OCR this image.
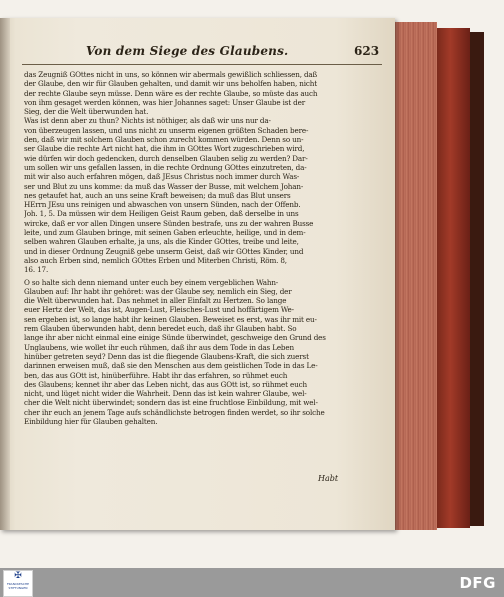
Von dem Siege des Glaubens.	623
das Zeugniß GOttes nicht in uns, so können wir abermals gewißlich schliessen, daß
der Glaube, den wir für Glauben gehalten, und damit wir uns beholfen haben, nicht
der rechte Glaube seyn müsse. Denn wäre es der rechte Glaube, so müste das auch
von ihm gesaget werden können, was hier Johannes saget: Unser Glaube ist der
Sieg, der die Welt überwunden hat.
Was ist denn aber zu thun? Nichts ist nöthiger, als daß wir uns nur da-
von überzeugen lassen, und uns nicht zu unserm eigenen größten Schaden bere-
den, daß wir mit solchem Glauben schon zurecht kommen würden. Denn so un-
ser Glaube die rechte Art nicht hat, die ihm in GOttes Wort zugeschrieben wird,
wie dürfen wir doch gedencken, durch denselben Glauben selig zu werden? Dar-
um sollen wir uns gefallen lassen, in die rechte Ordnung GOttes einzutreten, da-
mit wir also auch erfahren mögen, daß JEsus Christus noch immer durch Was-
ser und Blut zu uns komme: da muß das Wasser der Busse, mit welchem Johan-
nes getaufet hat, auch an uns seine Kraft beweisen; da muß das Blut unsers
HErrn JEsu uns reinigen und abwaschen von unsern Sünden, nach der Offenb.
Joh. 1, 5. Da müssen wir dem Heiligen Geist Raum geben, daß derselbe in uns
wircke, daß er vor allen Dingen unsere Sünden bestrafe, uns zu der wahren Busse
leite, und zum Glauben bringe, mit seinen Gaben erleuchte, heilige, und in dem-
selben wahren Glauben erhalte, ja uns, als die Kinder GOttes, treibe und leite,
und in dieser Ordnung Zeugniß gebe unserm Geist, daß wir GOttes Kinder, und
also auch Erben sind, nemlich GOttes Erben und Miterben Christi, Röm. 8,
16. 17.
O so halte sich denn niemand unter euch bey einem vergeblichen Wahn-
Glauben auf: Ihr habt ihr gehöret: was der Glaube sey, nemlich ein Sieg, der
die Welt überwunden hat. Das nehmet in aller Einfalt zu Hertzen. So lange
euer Hertz der Welt, das ist, Augen-Lust, Fleisches-Lust und hoffärtigem We-
sen ergeben ist, so lange habt ihr keinen Glauben. Beweiset es erst, was ihr mit eu-
rem Glauben überwunden habt, denn beredet euch, daß ihr Glauben habt. So
lange ihr aber nicht einmal eine einige Sünde überwindet, geschweige den Grund des
Unglaubens, wie wollet ihr euch rühmen, daß ihr aus dem Tode in das Leben
hinüber getreten seyd? Denn das ist die fliegende Glaubens-Kraft, die sich zuerst
darinnen erweisen muß, daß sie den Menschen aus dem geistlichen Tode in das Le-
ben, das aus GOtt ist, hinüberführe. Habt ihr das erfahren, so rühmet euch
des Glaubens; kennet ihr aber das Leben nicht, das aus GOtt ist, so rühmet euch
nicht, und lüget nicht wider die Wahrheit. Denn das ist kein wahrer Glaube, wel-
cher die Welt nicht überwindet; sondern das ist eine fruchtlose Einbildung, mit wel-
cher ihr euch an jenem Tage aufs schändlichste betrogen finden werdet, so ihr solche
Einbildung hier für Glauben gehalten.
Habt
✠
FRANCKESCHE STIFTUNGEN	DFG
